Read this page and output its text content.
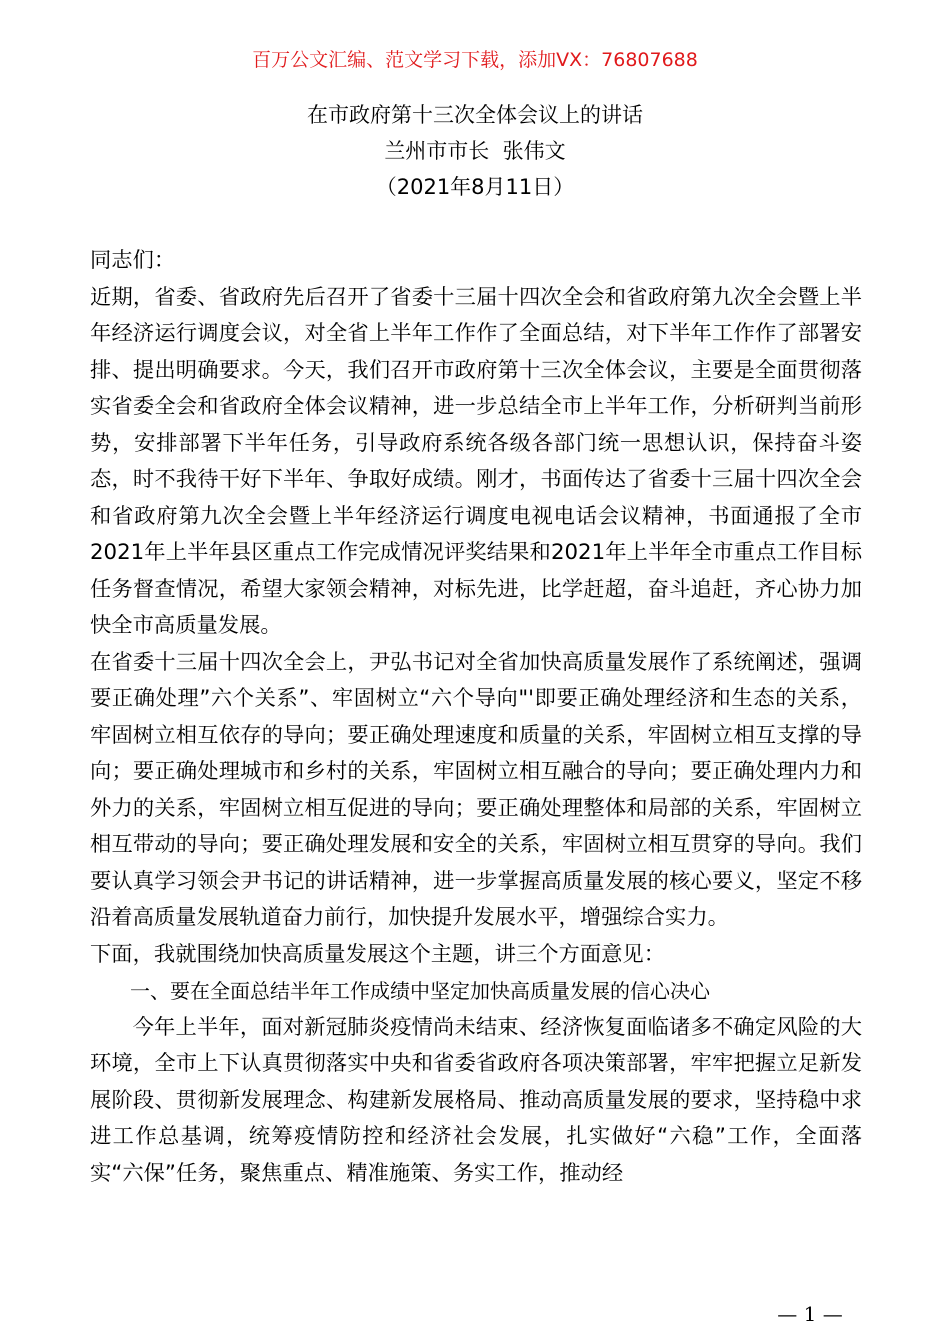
百万公文汇编、范文学习下载，添加VX：76807688
在市政府第十三次全体会议上的讲话
兰州市市长  张伟文
（2021年8月11日）

同志们：

近期，省委、省政府先后召开了省委十三届十四次全会和省政府第九次全会暨上半年经济运行调度会议，对全省上半年工作作了全面总结，对下半年工作作了部署安排、提出明确要求。今天，我们召开市政府第十三次全体会议，主要是全面贯彻落实省委全会和省政府全体会议精神，进一步总结全市上半年工作，分析研判当前形势，安排部署下半年任务，引导政府系统各级各部门统一思想认识，保持奋斗姿态，时不我待干好下半年、争取好成绩。刚才，书面传达了省委十三届十四次全会和省政府第九次全会暨上半年经济运行调度电视电话会议精神，书面通报了全市2021年上半年县区重点工作完成情况评奖结果和2021年上半年全市重点工作目标任务督查情况，希望大家领会精神，对标先进，比学赶超，奋斗追赶，齐心协力加快全市高质量发展。

在省委十三届十四次全会上，尹弘书记对全省加快高质量发展作了系统阐述，强调要正确处理”六个关系”、牢固树立“六个导向"'即要正确处理经济和生态的关系，牢固树立相互依存的导向；要正确处理速度和质量的关系，牢固树立相互支撑的导向；要正确处理城市和乡村的关系，牢固树立相互融合的导向；要正确处理内力和外力的关系，牢固树立相互促进的导向；要正确处理整体和局部的关系，牢固树立相互带动的导向；要正确处理发展和安全的关系，牢固树立相互贯穿的导向。我们要认真学习领会尹书记的讲话精神，进一步掌握高质量发展的核心要义，坚定不移沿着高质量发展轨道奋力前行，加快提升发展水平，增强综合实力。

下面，我就围绕加快高质量发展这个主题，讲三个方面意见：

一、要在全面总结半年工作成绩中坚定加快高质量发展的信心决心

今年上半年，面对新冠肺炎疫情尚未结束、经济恢复面临诸多不确定风险的大环境，全市上下认真贯彻落实中央和省委省政府各项决策部署，牢牢把握立足新发展阶段、贯彻新发展理念、构建新发展格局、推动高质量发展的要求，坚持稳中求进工作总基调，统筹疫情防控和经济社会发展，扎实做好“六稳”工作，全面落实“六保”任务，聚焦重点、精准施策、务实工作，推动经

— 1 —
